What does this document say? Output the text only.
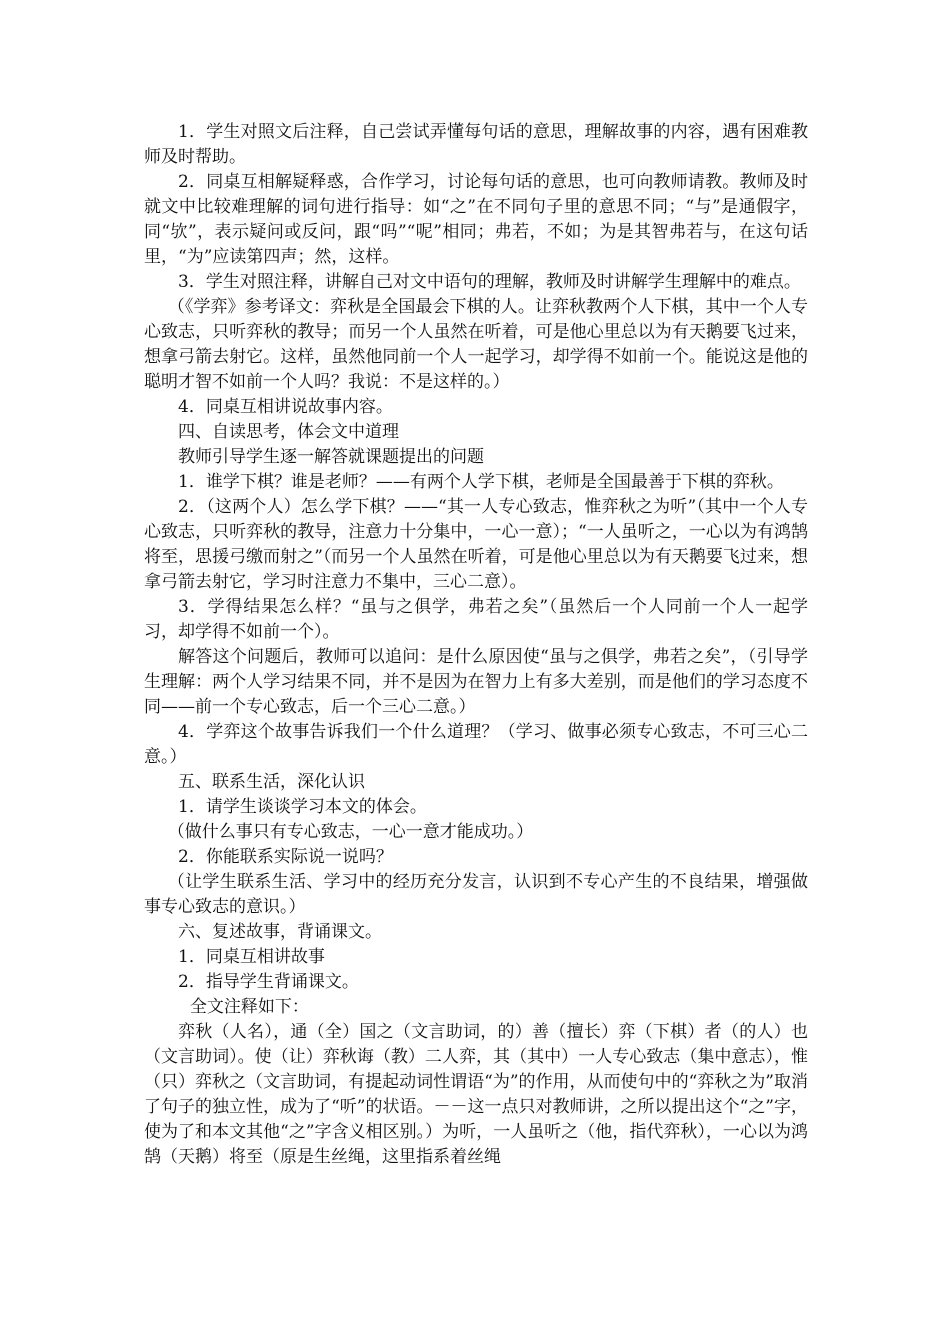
1．学生对照文后注释，自己尝试弄懂每句话的意思，理解故事的内容，遇有困难教师及时帮助。

2．同桌互相解疑释惑，合作学习，讨论每句话的意思，也可向教师请教。教师及时就文中比较难理解的词句进行指导：如“之”在不同句子里的意思不同；“与”是通假字，同“欤”，表示疑问或反问，跟“吗”“呢”相同；弗若，不如；为是其智弗若与，在这句话里，“为”应读第四声；然，这样。

3．学生对照注释，讲解自己对文中语句的理解，教师及时讲解学生理解中的难点。

（《学弈》参考译文：弈秋是全国最会下棋的人。让弈秋教两个人下棋，其中一个人专心致志，只听弈秋的教导；而另一个人虽然在听着，可是他心里总以为有天鹅要飞过来，想拿弓箭去射它。这样，虽然他同前一个人一起学习，却学得不如前一个。能说这是他的聪明才智不如前一个人吗？我说：不是这样的。）

4．同桌互相讲说故事内容。

四、自读思考，体会文中道理

教师引导学生逐一解答就课题提出的问题

1．谁学下棋？谁是老师？——有两个人学下棋，老师是全国最善于下棋的弈秋。

2．（这两个人）怎么学下棋？——“其一人专心致志，惟弈秋之为听”（其中一个人专心致志，只听弈秋的教导，注意力十分集中，一心一意）；“一人虽听之，一心以为有鸿鹄将至，思援弓缴而射之”（而另一个人虽然在听着，可是他心里总以为有天鹅要飞过来，想拿弓箭去射它，学习时注意力不集中，三心二意）。

3．学得结果怎么样？“虽与之俱学，弗若之矣”（虽然后一个人同前一个人一起学习，却学得不如前一个）。

解答这个问题后，教师可以追问：是什么原因使“虽与之俱学，弗若之矣”，（引导学生理解：两个人学习结果不同，并不是因为在智力上有多大差别，而是他们的学习态度不同——前一个专心致志，后一个三心二意。）

4．学弈这个故事告诉我们一个什么道理？（学习、做事必须专心致志，不可三心二意。）

五、联系生活，深化认识

1．请学生谈谈学习本文的体会。

（做什么事只有专心致志，一心一意才能成功。）

2．你能联系实际说一说吗？

（让学生联系生活、学习中的经历充分发言，认识到不专心产生的不良结果，增强做事专心致志的意识。）

六、复述故事，背诵课文。

1．同桌互相讲故事

2．指导学生背诵课文。

全文注释如下：

弈秋（人名），通（全）国之（文言助词，的）善（擅长）弈（下棋）者（的人）也（文言助词）。使（让）弈秋诲（教）二人弈，其（其中）一人专心致志（集中意志），惟（只）弈秋之（文言助词，有提起动词性谓语“为”的作用，从而使句中的“弈秋之为”取消了句子的独立性，成为了“听”的状语。－－这一点只对教师讲，之所以提出这个“之”字，使为了和本文其他“之”字含义相区别。）为听，一人虽听之（他，指代弈秋），一心以为鸿鹄（天鹅）将至（原是生丝绳，这里指系着丝绳
